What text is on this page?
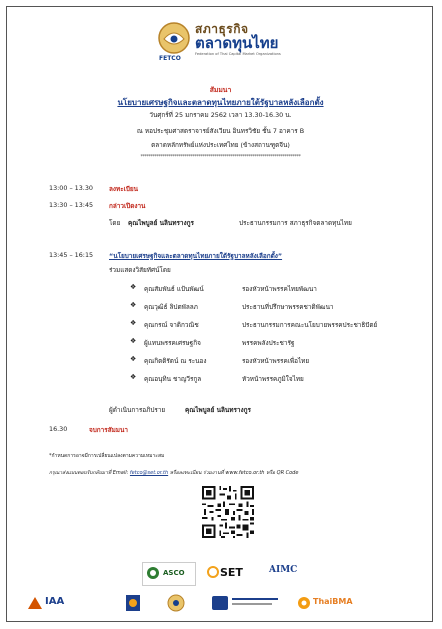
สภาธุรกิจ
ตลาดทุนไทย
Federation of Thai Capital Market Organizations
FETCO
สัมมนา
นโยบายเศรษฐกิจและตลาดทุนไทยภายใต้รัฐบาลหลังเลือกตั้ง
วันศุกร์ที่ 25 มกราคม 2562 เวลา 13.30-16.30 น.
ณ หอประชุมศาสตราจารย์สังเวียน อินทรวิชัย ชั้น 7 อาคาร B
ตลาดหลักทรัพย์แห่งประเทศไทย (ข้างสถานฑูตจีน)
********************************************************************************
13:00 – 13.30	ลงทะเบียน
13:30 – 13:45 กล่าวเปิดงาน
โดย คุณไพบูลย์ นลินทรางกูร	ประธานกรรมการ สภาธุรกิจตลาดทุนไทย
13:45 – 16:15 “นโยบายเศรษฐกิจและตลาดทุนไทยภายใต้รัฐบาลหลังเลือกตั้ง”
ร่วมแสดงวิสัยทัศน์โดย
❖ คุณสัมพันธ์ แป้นพัฒน์	รองหัวหน้าพรรคไทยพัฒนา
❖ คุณวุฒิธ์ ลิปตพัลลภ	ประธานที่ปรึกษาพรรคชาติพัฒนา
❖ คุณกรณ์ จาติกวณิช	ประธานกรรมการคณะนโยบายพรรคประชาธิปัตย์
❖ ผู้แทนพรรคเศรษฐกิจ	พรรคพลังประชารัฐ
❖ คุณกิตติรัตน์ ณ ระนอง	รองหัวหน้าพรรคเพื่อไทย
❖ คุณอนุทิน ชาญวีรกูล	หัวหน้าพรรคภูมิใจไทย
ผู้ดำเนินการอภิปราย	คุณไพบูลย์ นลินทรางกูร
16.30	จบการสัมมนา
*กำหนดการอาจมีการเปลี่ยนแปลงตามความเหมาะสม
กรุณาส่งแบบตอบรับกลับมาที่ Email: fetco@set.or.th หรือลงทะเบียน ร่วมงานที่ www.fetco.or.th หรือ QR Code
ASCO	SET	AIMC
IAA	ThaiBMA
